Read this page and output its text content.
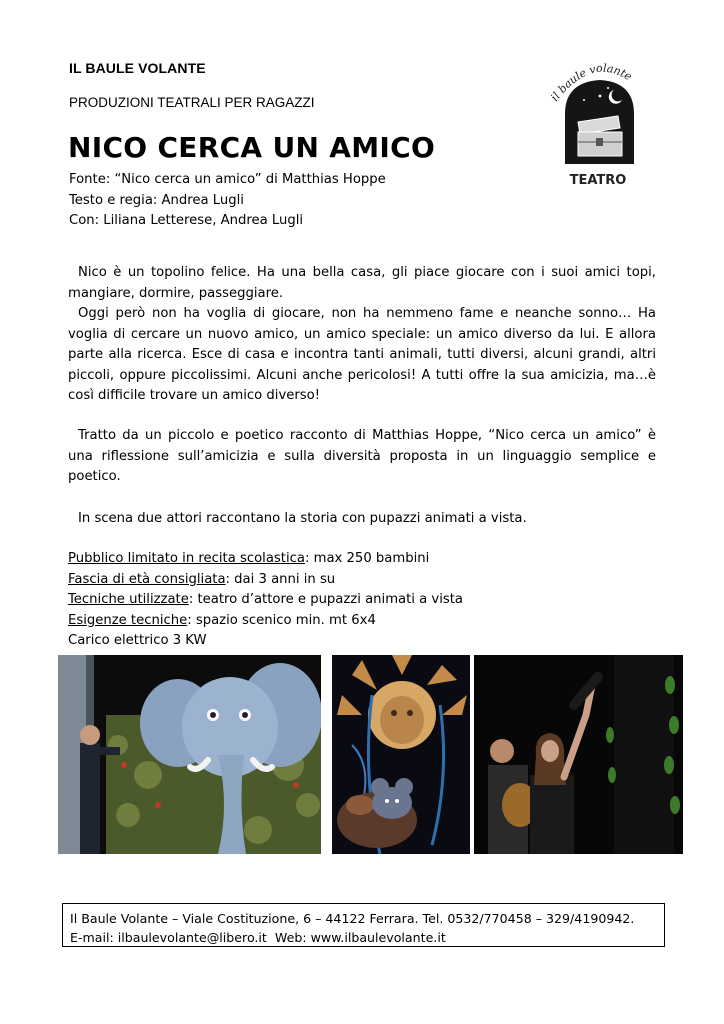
IL BAULE VOLANTE
PRODUZIONI TEATRALI PER RAGAZZI
NICO CERCA UN AMICO
Fonte: “Nico cerca un amico” di Matthias Hoppe
Testo e regia: Andrea Lugli
Con: Liliana Letterese, Andrea Lugli
il baule volante
TEATRO

Nico è un topolino felice. Ha una bella casa, gli piace giocare con i suoi amici topi, mangiare, dormire, passeggiare.

Oggi però non ha voglia di giocare, non ha nemmeno fame e neanche sonno… Ha voglia di cercare un nuovo amico, un amico speciale: un amico diverso da lui. E allora parte alla ricerca. Esce di casa e incontra tanti animali, tutti diversi, alcuni grandi, altri piccoli, oppure piccolissimi. Alcuni anche pericolosi! A tutti offre la sua amicizia, ma…è così difficile trovare un amico diverso!

Tratto da un piccolo e poetico racconto di Matthias Hoppe, “Nico cerca un amico” è una riflessione sull’amicizia e sulla diversità proposta in un linguaggio semplice e poetico.

In scena due attori raccontano la storia con pupazzi animati a vista.

Pubblico limitato in recita scolastica: max 250 bambini
Fascia di età consigliata: dai 3 anni in su
Tecniche utilizzate: teatro d’attore e pupazzi animati a vista
Esigenze tecniche: spazio scenico min. mt 6x4
Carico elettrico 3 KW
Il Baule Volante – Viale Costituzione, 6 – 44122 Ferrara. Tel. 0532/770458 – 329/4190942.
E-mail: ilbaulevolante@libero.it  Web: www.ilbaulevolante.it
